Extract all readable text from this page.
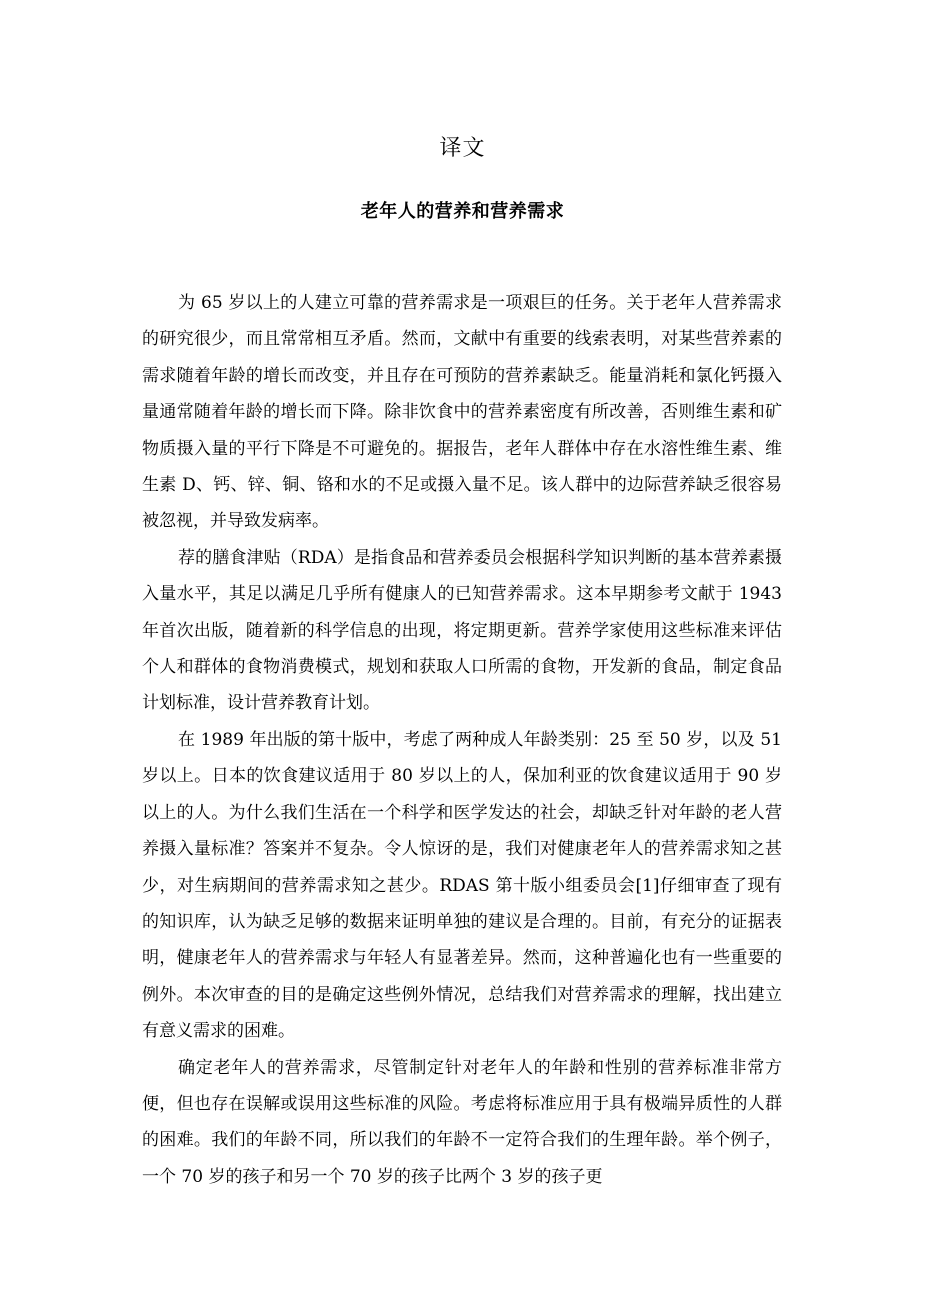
译文
老年人的营养和营养需求

为 65 岁以上的人建立可靠的营养需求是一项艰巨的任务。关于老年人营养需求的研究很少，而且常常相互矛盾。然而，文献中有重要的线索表明，对某些营养素的需求随着年龄的增长而改变，并且存在可预防的营养素缺乏。能量消耗和氯化钙摄入量通常随着年龄的增长而下降。除非饮食中的营养素密度有所改善，否则维生素和矿物质摄入量的平行下降是不可避免的。据报告，老年人群体中存在水溶性维生素、维生素 D、钙、锌、铜、铬和水的不足或摄入量不足。该人群中的边际营养缺乏很容易被忽视，并导致发病率。

荐的膳食津贴（RDA）是指食品和营养委员会根据科学知识判断的基本营养素摄入量水平，其足以满足几乎所有健康人的已知营养需求。这本早期参考文献于 1943 年首次出版，随着新的科学信息的出现，将定期更新。营养学家使用这些标准来评估个人和群体的食物消费模式，规划和获取人口所需的食物，开发新的食品，制定食品计划标准，设计营养教育计划。

在 1989 年出版的第十版中，考虑了两种成人年龄类别：25 至 50 岁，以及 51 岁以上。日本的饮食建议适用于 80 岁以上的人，保加利亚的饮食建议适用于 90 岁以上的人。为什么我们生活在一个科学和医学发达的社会，却缺乏针对年龄的老人营养摄入量标准？答案并不复杂。令人惊讶的是，我们对健康老年人的营养需求知之甚少，对生病期间的营养需求知之甚少。RDAS 第十版小组委员会[1]仔细审查了现有的知识库，认为缺乏足够的数据来证明单独的建议是合理的。目前，有充分的证据表明，健康老年人的营养需求与年轻人有显著差异。然而，这种普遍化也有一些重要的例外。本次审查的目的是确定这些例外情况，总结我们对营养需求的理解，找出建立有意义需求的困难。

确定老年人的营养需求，尽管制定针对老年人的年龄和性别的营养标准非常方便，但也存在误解或误用这些标准的风险。考虑将标准应用于具有极端异质性的人群的困难。我们的年龄不同，所以我们的年龄不一定符合我们的生理年龄。举个例子，一个 70 岁的孩子和另一个 70 岁的孩子比两个 3 岁的孩子更
